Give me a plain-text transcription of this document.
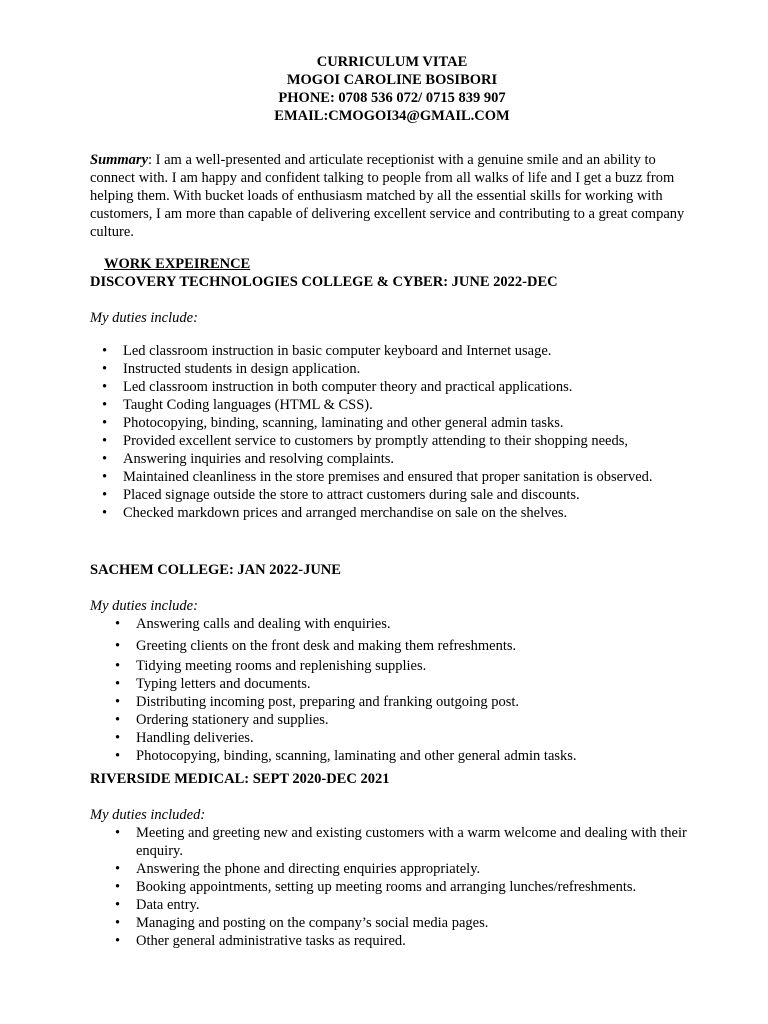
CURRICULUM VITAE
MOGOI CAROLINE BOSIBORI
PHONE: 0708 536 072/ 0715 839 907
EMAIL:CMOGOI34@GMAIL.COM
Summary: I am a well-presented and articulate receptionist with a genuine smile and an ability to connect with. I am happy and confident talking to people from all walks of life and I get a buzz from helping them. With bucket loads of enthusiasm matched by all the essential skills for working with customers, I am more than capable of delivering excellent service and contributing to a great company culture.
WORK EXPEIRENCE
DISCOVERY TECHNOLOGIES COLLEGE & CYBER: JUNE 2022-DEC
My duties include:
• Led classroom instruction in basic computer keyboard and Internet usage.
• Instructed students in design application.
• Led classroom instruction in both computer theory and practical applications.
• Taught Coding languages (HTML & CSS).
• Photocopying, binding, scanning, laminating and other general admin tasks.
• Provided excellent service to customers by promptly attending to their shopping needs,
• Answering inquiries and resolving complaints.
• Maintained cleanliness in the store premises and ensured that proper sanitation is observed.
• Placed signage outside the store to attract customers during sale and discounts.
• Checked markdown prices and arranged merchandise on sale on the shelves.
SACHEM COLLEGE: JAN 2022-JUNE
My duties include:
• Answering calls and dealing with enquiries.
• Greeting clients on the front desk and making them refreshments.
• Tidying meeting rooms and replenishing supplies.
• Typing letters and documents.
• Distributing incoming post, preparing and franking outgoing post.
• Ordering stationery and supplies.
• Handling deliveries.
• Photocopying, binding, scanning, laminating and other general admin tasks.
RIVERSIDE MEDICAL: SEPT 2020-DEC 2021
My duties included:
• Meeting and greeting new and existing customers with a warm welcome and dealing with their enquiry.
• Answering the phone and directing enquiries appropriately.
• Booking appointments, setting up meeting rooms and arranging lunches/refreshments.
• Data entry.
• Managing and posting on the company’s social media pages.
• Other general administrative tasks as required.
